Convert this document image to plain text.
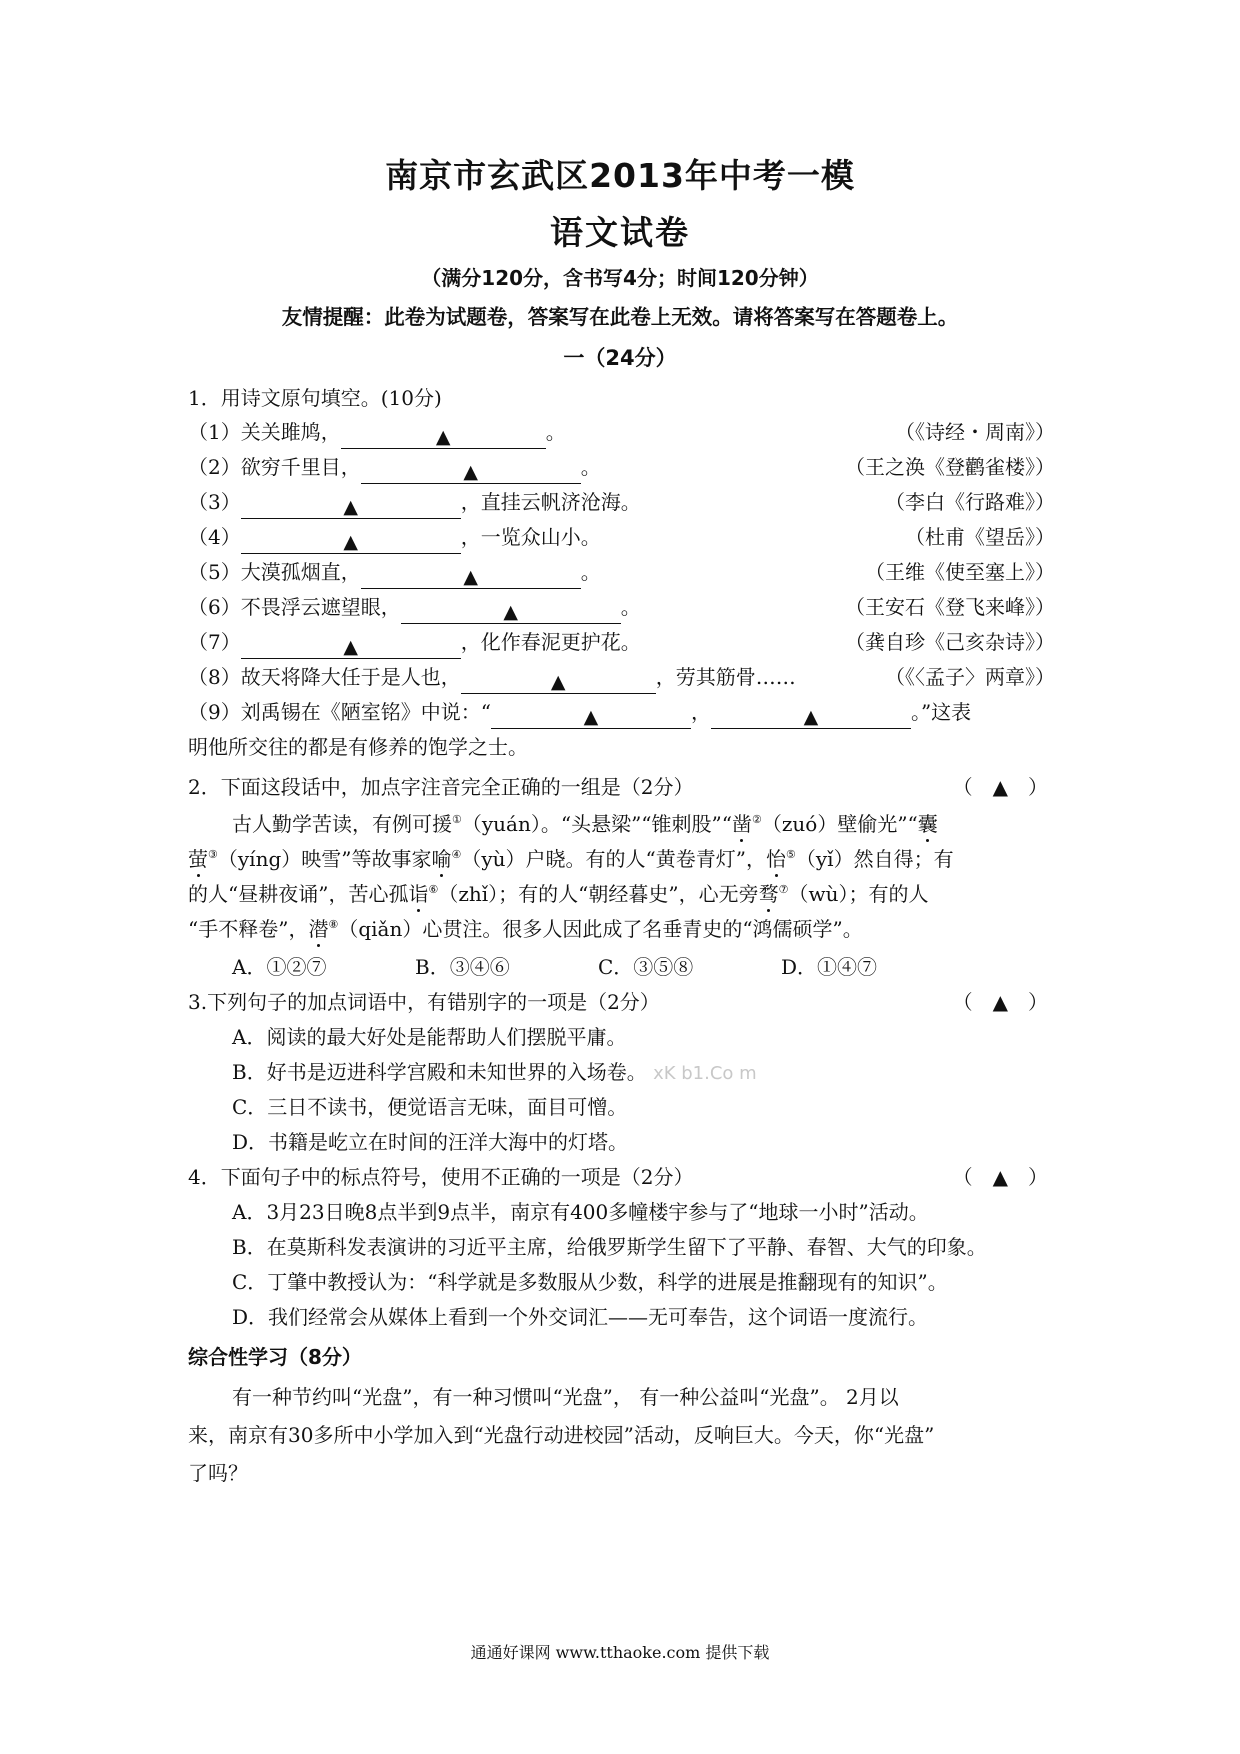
南京市玄武区2013年中考一模
语文试卷
（满分120分，含书写4分；时间120分钟）
友情提醒：此卷为试题卷，答案写在此卷上无效。请将答案写在答题卷上。
一（24分）
1．用诗文原句填空。(10分)
（1）关关雎鸠，	▲	。	（《诗经・周南》）
（2）欲穷千里目，	▲	。	（王之涣《登鹳雀楼》）
（3）	▲	，直挂云帆济沧海。	（李白《行路难》）
（4）	▲	，一览众山小。	（杜甫《望岳》）
（5）大漠孤烟直，	▲	。	（王维《使至塞上》）
（6）不畏浮云遮望眼，	▲	。	（王安石《登飞来峰》）
（7）	▲	，化作春泥更护花。	（龚自珍《己亥杂诗》）
（8）故天将降大任于是人也，	▲	，劳其筋骨……	（《〈孟子〉两章》）
（9）刘禹锡在《陋室铭》中说：“	▲	，	▲	。”这表
明他所交往的都是有修养的饱学之士。
2．下面这段话中，加点字注音完全正确的一组是（2分）	（　▲　）
古人勤学苦读，有例可援①（yuán）。“头悬梁”“锥刺股”“凿②（zuó）壁偷光”“囊
萤③（yíng）映雪”等故事家喻④（yù）户晓。有的人“黄卷青灯”，怡⑤（yǐ）然自得；有
的人“昼耕夜诵”，苦心孤诣⑥（zhǐ）；有的人“朝经暮史”，心无旁骛⑦（wù）；有的人
“手不释卷”，潜⑧（qiǎn）心贯注。很多人因此成了名垂青史的“鸿儒硕学”。
A．①②⑦	B．③④⑥	C．③⑤⑧	D．①④⑦
3.下列句子的加点词语中，有错别字的一项是（2分）	（　▲　）
A．阅读的最大好处是能帮助人们摆脱平庸。
B．好书是迈进科学宫殿和未知世界的入场卷。 xK b1.Co m
C．三日不读书，便觉语言无味，面目可憎。
D．书籍是屹立在时间的汪洋大海中的灯塔。
4．下面句子中的标点符号，使用不正确的一项是（2分）	（　▲　）
A．3月23日晚8点半到9点半，南京有400多幢楼宇参与了“地球一小时”活动。
B．在莫斯科发表演讲的习近平主席，给俄罗斯学生留下了平静、春智、大气的印象。
C．丁肇中教授认为：“科学就是多数服从少数，科学的进展是推翻现有的知识”。
D．我们经常会从媒体上看到一个外交词汇——无可奉告，这个词语一度流行。
综合性学习（8分）
有一种节约叫“光盘”，有一种习惯叫“光盘”， 有一种公益叫“光盘”。 2月以
来，南京有30多所中小学加入到“光盘行动进校园”活动，反响巨大。今天，你“光盘”
了吗？
通通好课网 www.tthaoke.com 提供下载
